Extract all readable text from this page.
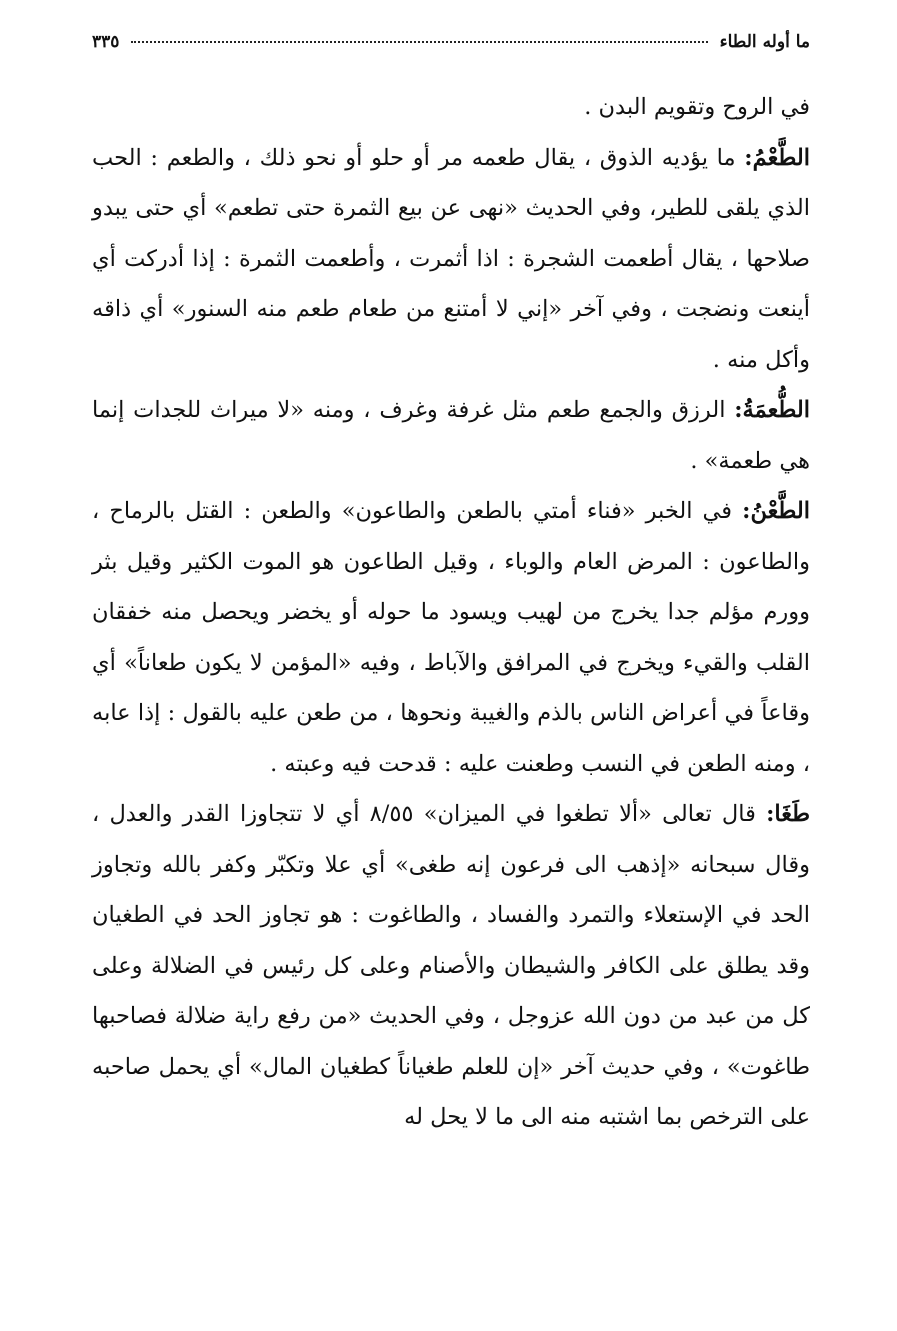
ما أوله الطاء
٣٣٥

في الروح وتقويم البدن .

الطَّعْمُ: ما يؤديه الذوق ، يقال طعمه مر أو حلو أو نحو ذلك ، والطعم : الحب الذي يلقى للطير، وفي الحديث «نهى عن بيع الثمرة حتى تطعم» أي حتى يبدو صلاحها ، يقال أطعمت الشجرة : اذا أثمرت ، وأطعمت الثمرة : إذا أدركت أي أينعت ونضجت ، وفي آخر «إني لا أمتنع من طعام طعم منه السنور» أي ذاقه وأكل منه .

الطُّعمَةُ: الرزق والجمع طعم مثل غرفة وغرف ، ومنه «لا ميراث للجدات إنما هي طعمة» .

الطَّعْنُ: في الخبر «فناء أمتي بالطعن والطاعون» والطعن : القتل بالرماح ، والطاعون : المرض العام والوباء ، وقيل الطاعون هو الموت الكثير وقيل بثر وورم مؤلم جدا يخرج من لهيب ويسود ما حوله أو يخضر ويحصل منه خفقان القلب والقيء ويخرج في المرافق والآباط ، وفيه «المؤمن لا يكون طعاناً» أي وقاعاً في أعراض الناس بالذم والغيبة ونحوها ، من طعن عليه بالقول : إذا عابه ، ومنه الطعن في النسب وطعنت عليه : قدحت فيه وعبته .

طَغَا: قال تعالى «ألا تطغوا في الميزان» ٨/٥٥ أي لا تتجاوزا القدر والعدل ، وقال سبحانه «إذهب الى فرعون إنه طغى» أي علا وتكبّر وكفر بالله وتجاوز الحد في الإستعلاء والتمرد والفساد ، والطاغوت : هو تجاوز الحد في الطغيان وقد يطلق على الكافر والشيطان والأصنام وعلى كل رئيس في الضلالة وعلى كل من عبد من دون الله عزوجل ، وفي الحديث «من رفع راية ضلالة فصاحبها طاغوت» ، وفي حديث آخر «إن للعلم طغياناً كطغيان المال» أي يحمل صاحبه على الترخص بما اشتبه منه الى ما لا يحل له
